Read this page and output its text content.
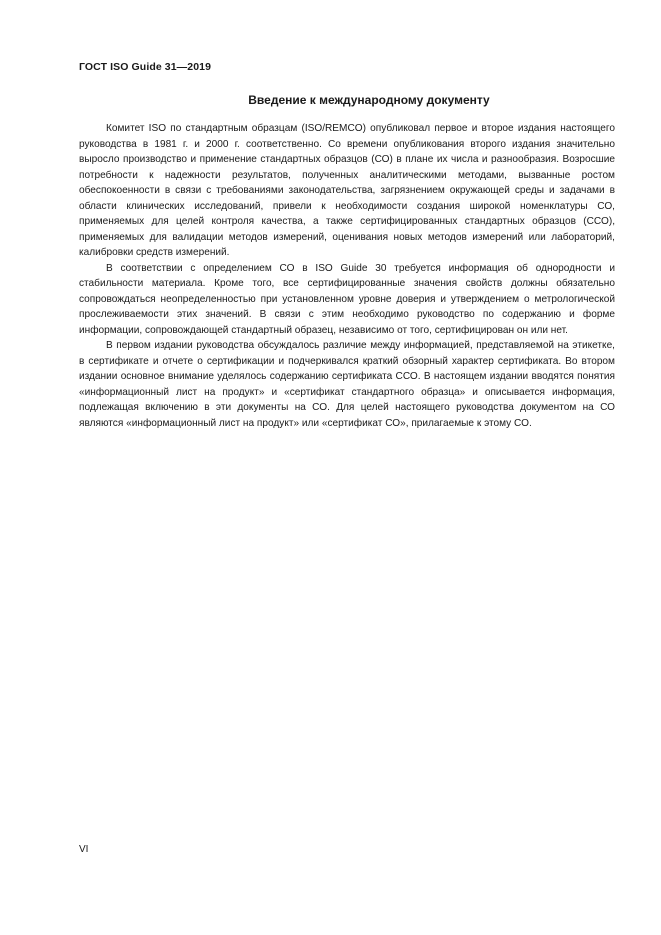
ГОСТ ISO Guide 31—2019
Введение к международному документу

Комитет ISO по стандартным образцам (ISO/REMCO) опубликовал первое и второе издания настоящего руководства в 1981 г. и 2000 г. соответственно. Со времени опубликования второго издания значительно выросло производство и применение стандартных образцов (СО) в плане их числа и разнообразия. Возросшие потребности к надежности результатов, полученных аналитическими методами, вызванные ростом обеспокоенности в связи с требованиями законодательства, загрязнением окружающей среды и задачами в области клинических исследований, привели к необходимости создания широкой номенклатуры СО, применяемых для целей контроля качества, а также сертифицированных стандартных образцов (ССО), применяемых для валидации методов измерений, оценивания новых методов измерений или лабораторий, калибровки средств измерений.

В соответствии с определением СО в ISO Guide 30 требуется информация об однородности и стабильности материала. Кроме того, все сертифицированные значения свойств должны обязательно сопровождаться неопределенностью при установленном уровне доверия и утверждением о метрологической прослеживаемости этих значений. В связи с этим необходимо руководство по содержанию и форме информации, сопровождающей стандартный образец, независимо от того, сертифицирован он или нет.

В первом издании руководства обсуждалось различие между информацией, представляемой на этикетке, в сертификате и отчете о сертификации и подчеркивался краткий обзорный характер сертификата. Во втором издании основное внимание уделялось содержанию сертификата ССО. В настоящем издании вводятся понятия «информационный лист на продукт» и «сертификат стандартного образца» и описывается информация, подлежащая включению в эти документы на СО. Для целей настоящего руководства документом на СО являются «информационный лист на продукт» или «сертификат СО», прилагаемые к этому СО.

VI
